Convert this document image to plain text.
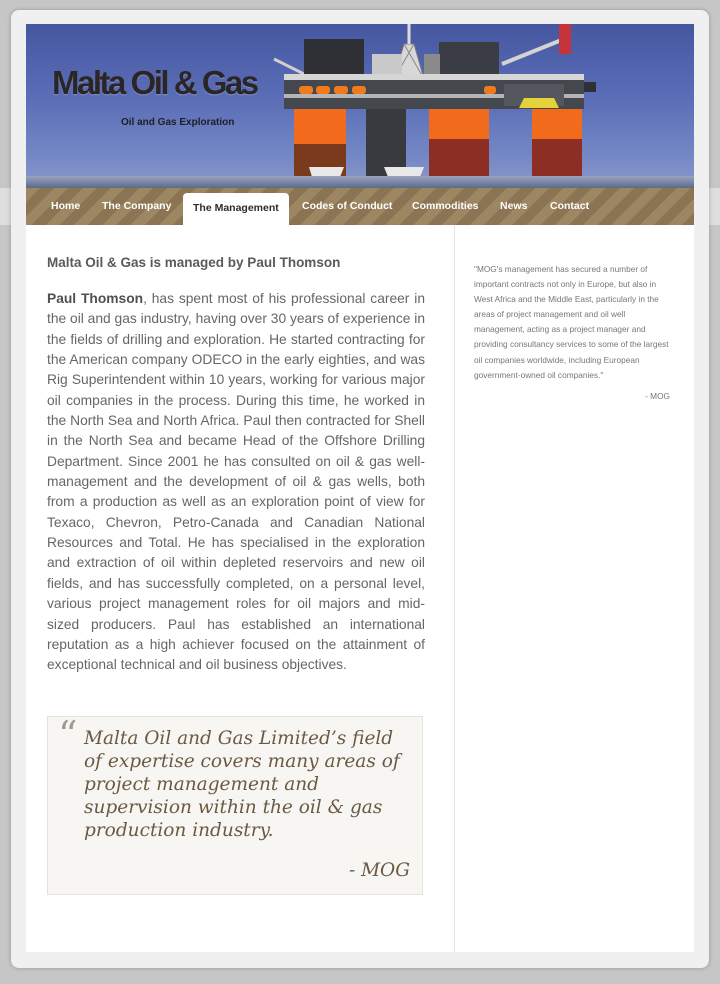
Malta Oil & Gas
Oil and Gas Exploration
Home The Company	The Management	Codes of Conduct Commodities News Contact
Malta Oil & Gas is managed by Paul Thomson

Paul Thomson, has spent most of his professional career in the oil and gas industry, having over 30 years of experience in the fields of drilling and exploration. He started contracting for the American company ODECO in the early eighties, and was Rig Superintendent within 10 years, working for various major oil companies in the process. During this time, he worked in the North Sea and North Africa. Paul then contracted for Shell in the North Sea and became Head of the Offshore Drilling Department. Since 2001 he has consulted on oil & gas well-management and the development of oil & gas wells, both from a production as well as an exploration point of view for Texaco, Chevron, Petro-Canada and Canadian National Resources and Total. He has specialised in the exploration and extraction of oil within depleted reservoirs and new oil fields, and has successfully completed, on a personal level, various project management roles for oil majors and mid-sized producers. Paul has established an international reputation as a high achiever focused on the attainment of exceptional technical and oil business objectives.

“ Malta Oil and Gas Limited’s field of expertise covers many areas of project management and supervision within the oil & gas production industry.
- MOG

"MOG's management has secured a number of important contracts not only in Europe, but also in West Africa and the Middle East, particularly in the areas of project management and oil well management, acting as a project manager and providing consultancy services to some of the largest oil companies worldwide, including European government-owned oil companies."

- MOG
